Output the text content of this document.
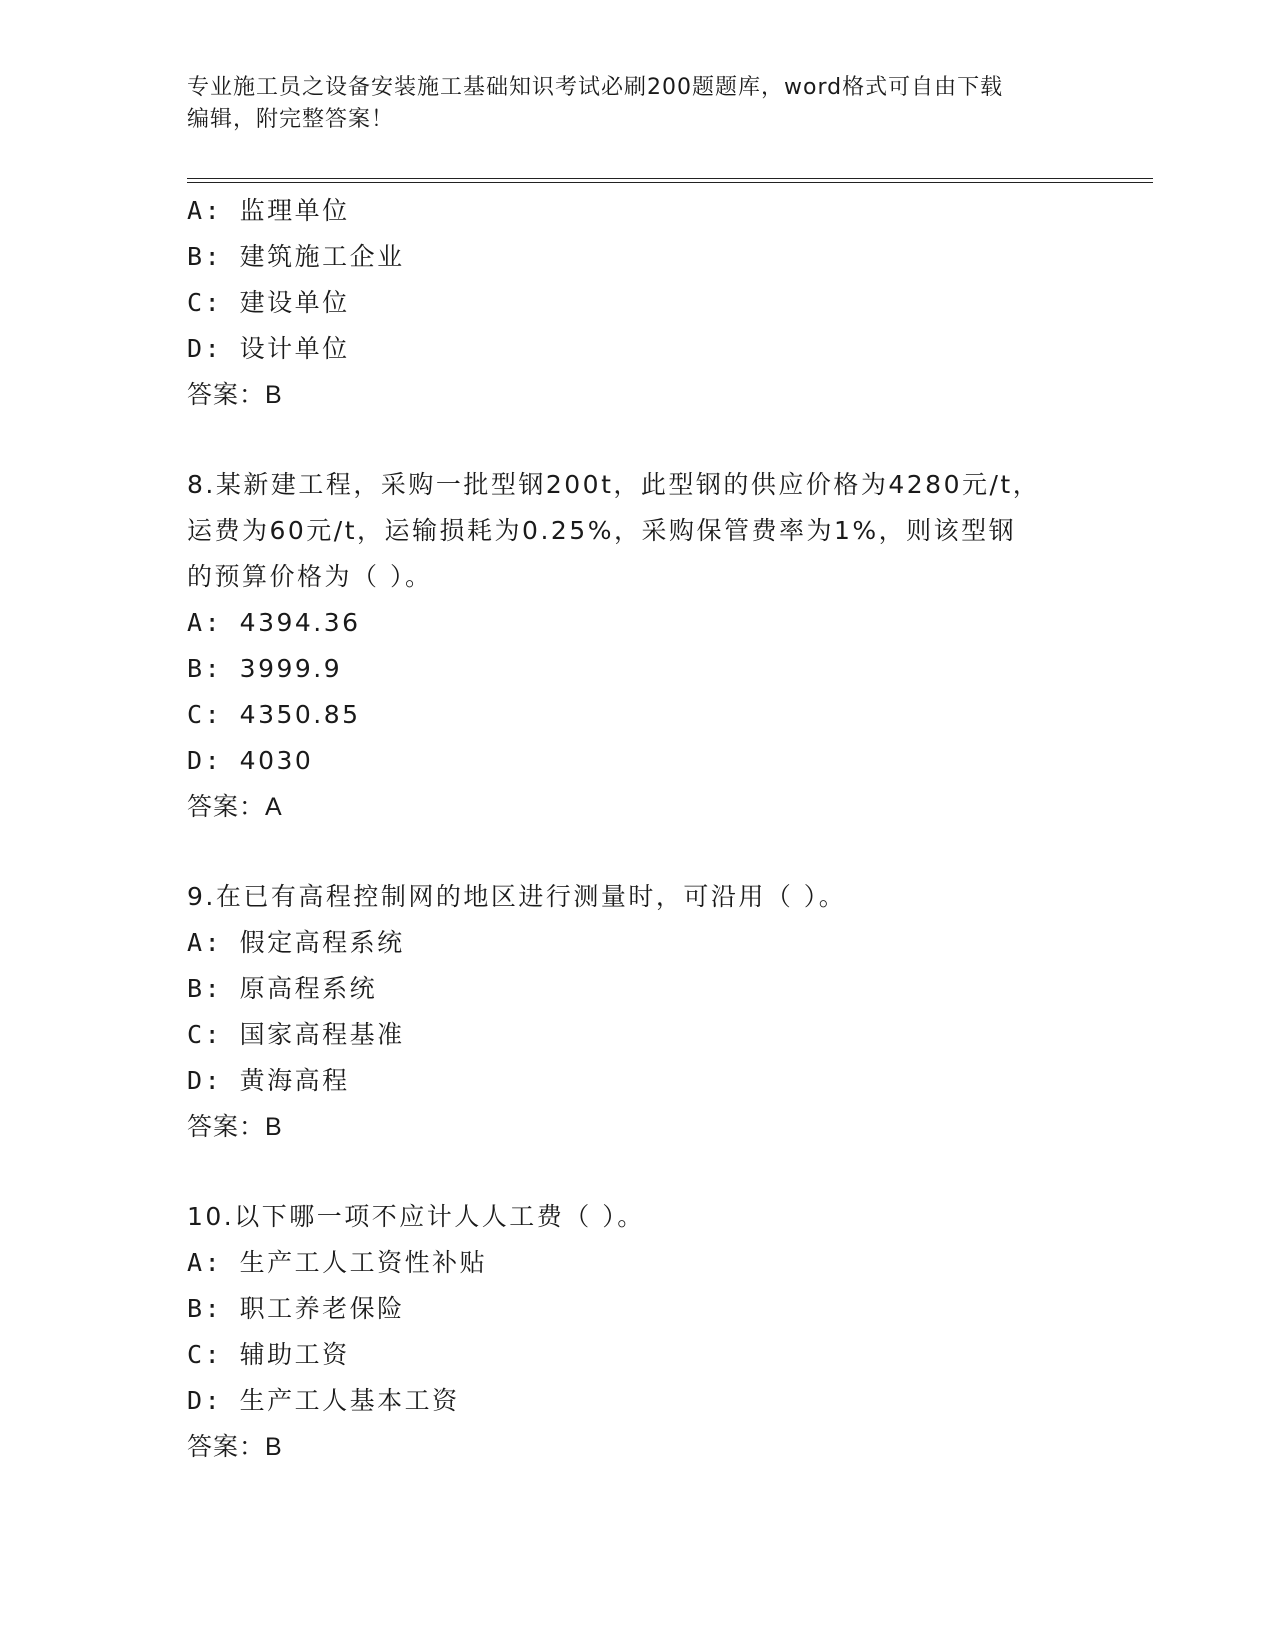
专业施工员之设备安装施工基础知识考试必刷200题题库，word格式可自由下载
编辑，附完整答案！
A: 监理单位
B: 建筑施工企业
C: 建设单位
D: 设计单位
答案：B
8.某新建工程，采购一批型钢200t，此型钢的供应价格为4280元/t，
运费为60元/t，运输损耗为0.25%，采购保管费率为1%，则该型钢
的预算价格为（ ）。
A: 4394.36
B: 3999.9
C: 4350.85
D: 4030
答案：A
9.在已有高程控制网的地区进行测量时，可沿用（ ）。
A: 假定高程系统
B: 原高程系统
C: 国家高程基准
D: 黄海高程
答案：B
10.以下哪一项不应计人人工费（ ）。
A: 生产工人工资性补贴
B: 职工养老保险
C: 辅助工资
D: 生产工人基本工资
答案：B
